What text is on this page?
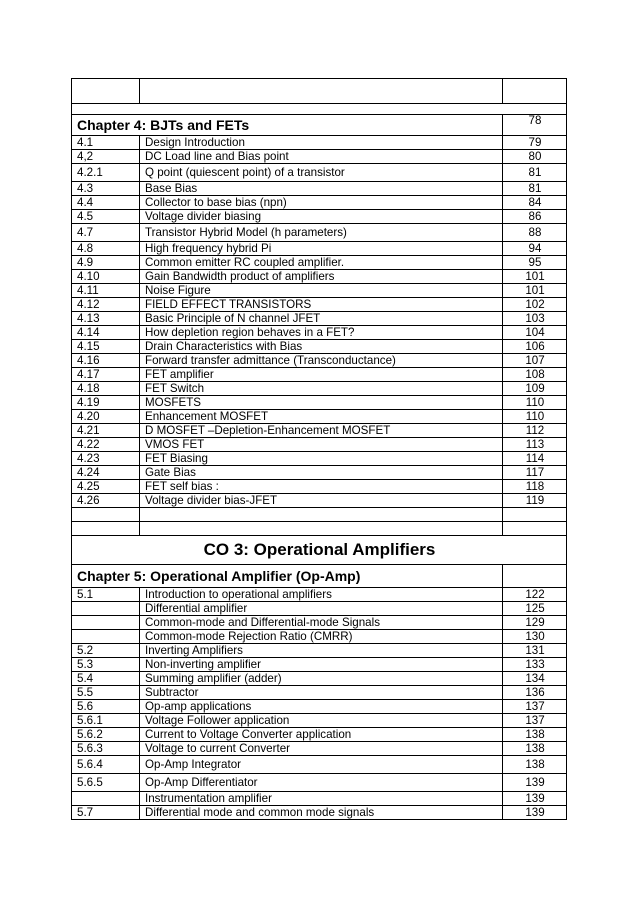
Chapter 4: BJTs and FETs		78
4.1	Design Introduction	79
4,2	DC Load line and Bias point	80
4.2.1	Q point (quiescent point) of a transistor	81
4.3	Base Bias	81
4.4	Collector to base bias (npn)	84
4.5	Voltage divider biasing	86
4.7	Transistor Hybrid Model (h parameters)	88
4.8	High frequency hybrid Pi	94
4.9	Common emitter RC coupled amplifier.	95
4.10	Gain Bandwidth product of amplifiers	101
4.11	Noise Figure	101
4.12	FIELD EFFECT TRANSISTORS	102
4.13	Basic Principle of N channel JFET	103
4.14	How depletion region behaves in a FET?	104
4.15	Drain Characteristics with Bias	106
4.16	Forward transfer admittance (Transconductance)	107
4.17	FET amplifier	108
4.18	FET Switch	109
4.19	MOSFETS	110
4.20	Enhancement MOSFET	110
4.21	D MOSFET –Depletion-Enhancement MOSFET	112
4.22	VMOS FET	113
4.23	FET Biasing	114
4.24	Gate Bias	117
4.25	FET self bias :	118
4.26	Voltage divider bias-JFET	119

CO 3: Operational Amplifiers		
Chapter 5: Operational Amplifier (Op-Amp)		
5.1	Introduction to operational amplifiers	122
	Differential amplifier	125
	Common-mode and Differential-mode Signals	129
	Common-mode Rejection Ratio (CMRR)	130
5.2	Inverting Amplifiers	131
5.3	Non-inverting amplifier	133
5.4	Summing amplifier (adder)	134
5.5	Subtractor	136
5.6	Op-amp applications	137
5.6.1	Voltage Follower application	137
5.6.2	Current to Voltage Converter application	138
5.6.3	Voltage to current Converter	138
5.6.4	Op-Amp Integrator	138
5.6.5	Op-Amp Differentiator	139
	Instrumentation amplifier	139
5.7	Differential mode and common mode signals	139
